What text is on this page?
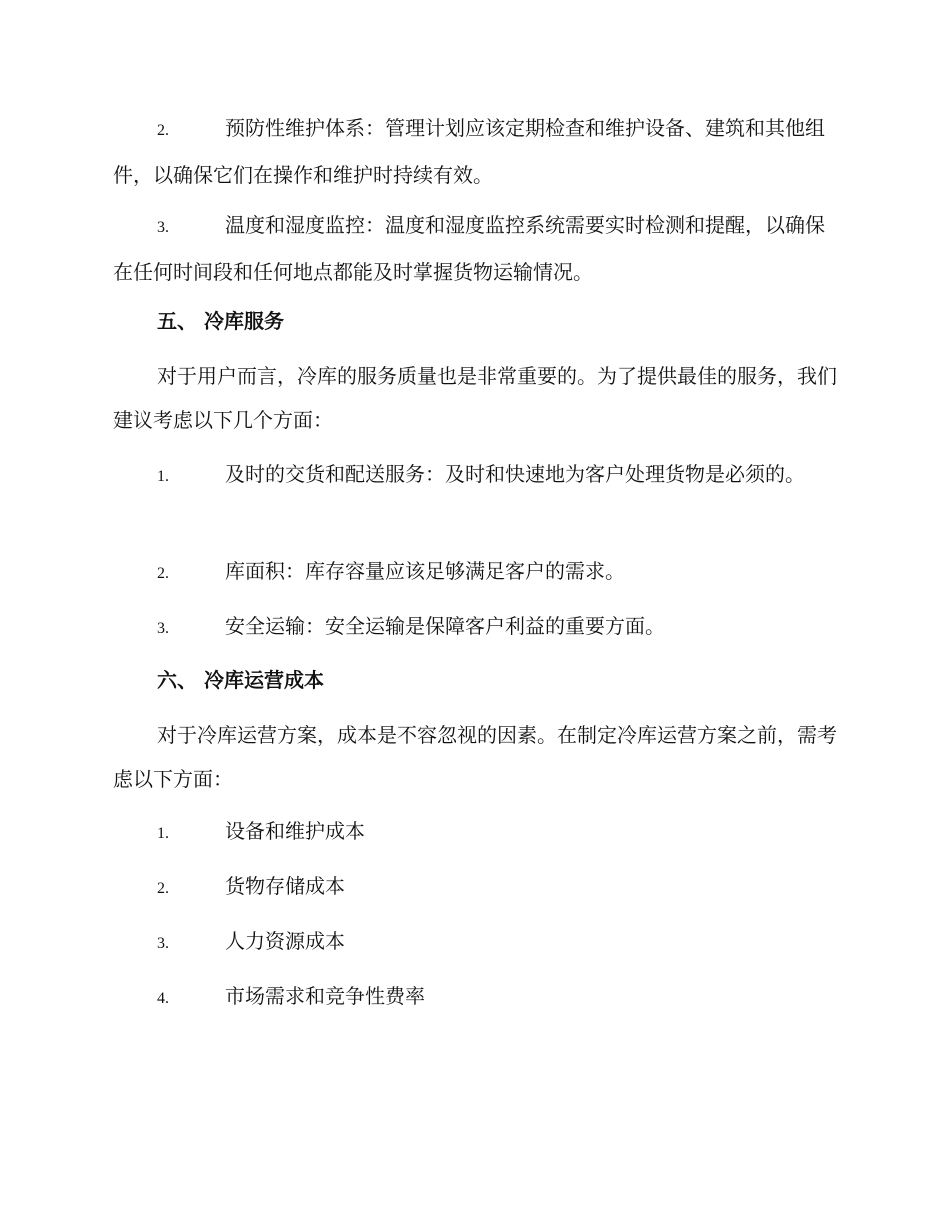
2.	预防性维护体系：管理计划应该定期检查和维护设备、建筑和其他组件，以确保它们在操作和维护时持续有效。

3.	温度和湿度监控：温度和湿度监控系统需要实时检测和提醒，以确保在任何时间段和任何地点都能及时掌握货物运输情况。

五、 冷库服务

对于用户而言，冷库的服务质量也是非常重要的。为了提供最佳的服务，我们建议考虑以下几个方面：

1.	及时的交货和配送服务：及时和快速地为客户处理货物是必须的。

2.	库面积：库存容量应该足够满足客户的需求。

3.	安全运输：安全运输是保障客户利益的重要方面。

六、 冷库运营成本

对于冷库运营方案，成本是不容忽视的因素。在制定冷库运营方案之前，需考虑以下方面：

1.	设备和维护成本

2.	货物存储成本

3.	人力资源成本

4.	市场需求和竞争性费率
